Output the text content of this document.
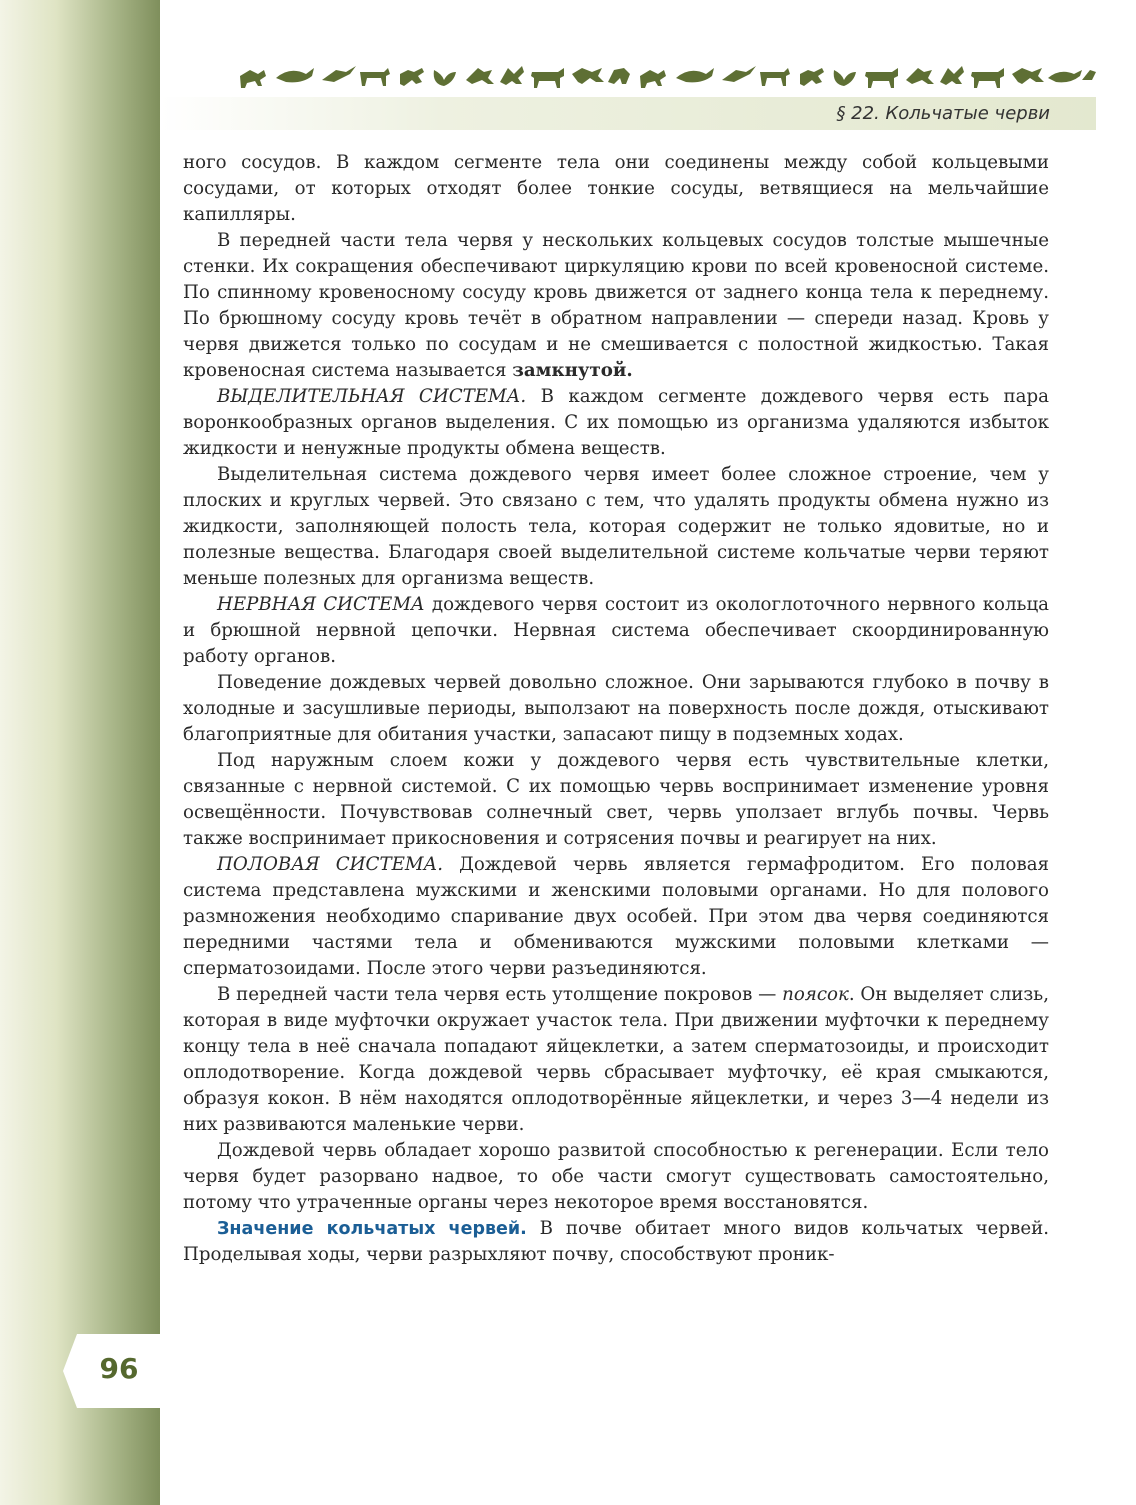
§ 22. Кольчатые черви

ного сосудов. В каждом сегменте тела они соединены между собой кольцевыми сосудами, от которых отходят более тонкие сосуды, ветвящиеся на мельчайшие капилляры.

В передней части тела червя у нескольких кольцевых сосудов толстые мышечные стенки. Их сокращения обеспечивают циркуляцию крови по всей кровеносной системе. По спинному кровеносному сосуду кровь движется от заднего конца тела к переднему. По брюшному сосуду кровь течёт в обратном направлении — спереди назад. Кровь у червя движется только по сосудам и не смешивается с полостной жидкостью. Такая кровеносная система называется замкнутой.

ВЫДЕЛИТЕЛЬНАЯ СИСТЕМА. В каждом сегменте дождевого червя есть пара воронкообразных органов выделения. С их помощью из организма удаляются избыток жидкости и ненужные продукты обмена веществ.

Выделительная система дождевого червя имеет более сложное строение, чем у плоских и круглых червей. Это связано с тем, что удалять продукты обмена нужно из жидкости, заполняющей полость тела, которая содержит не только ядовитые, но и полезные вещества. Благодаря своей выделительной системе кольчатые черви теряют меньше полезных для организма веществ.

НЕРВНАЯ СИСТЕМА дождевого червя состоит из окологлоточного нервного кольца и брюшной нервной цепочки. Нервная система обеспечивает скоординированную работу органов.

Поведение дождевых червей довольно сложное. Они зарываются глубоко в почву в холодные и засушливые периоды, выползают на поверхность после дождя, отыскивают благоприятные для обитания участки, запасают пищу в подземных ходах.

Под наружным слоем кожи у дождевого червя есть чувствительные клетки, связанные с нервной системой. С их помощью червь воспринимает изменение уровня освещённости. Почувствовав солнечный свет, червь уползает вглубь почвы. Червь также воспринимает прикосновения и сотрясения почвы и реагирует на них.

ПОЛОВАЯ СИСТЕМА. Дождевой червь является гермафродитом. Его половая система представлена мужскими и женскими половыми органами. Но для полового размножения необходимо спаривание двух особей. При этом два червя соединяются передними частями тела и обмениваются мужскими половыми клетками — сперматозоидами. После этого черви разъединяются.

В передней части тела червя есть утолщение покровов — поясок. Он выделяет слизь, которая в виде муфточки окружает участок тела. При движении муфточки к переднему концу тела в неё сначала попадают яйцеклетки, а затем сперматозоиды, и происходит оплодотворение. Когда дождевой червь сбрасывает муфточку, её края смыкаются, образуя кокон. В нём находятся оплодотворённые яйцеклетки, и через 3—4 недели из них развиваются маленькие черви.

Дождевой червь обладает хорошо развитой способностью к регенерации. Если тело червя будет разорвано надвое, то обе части смогут существовать самостоятельно, потому что утраченные органы через некоторое время восстановятся.

Значение кольчатых червей. В почве обитает много видов кольчатых червей. Проделывая ходы, черви разрыхляют почву, способствуют проник-

96
